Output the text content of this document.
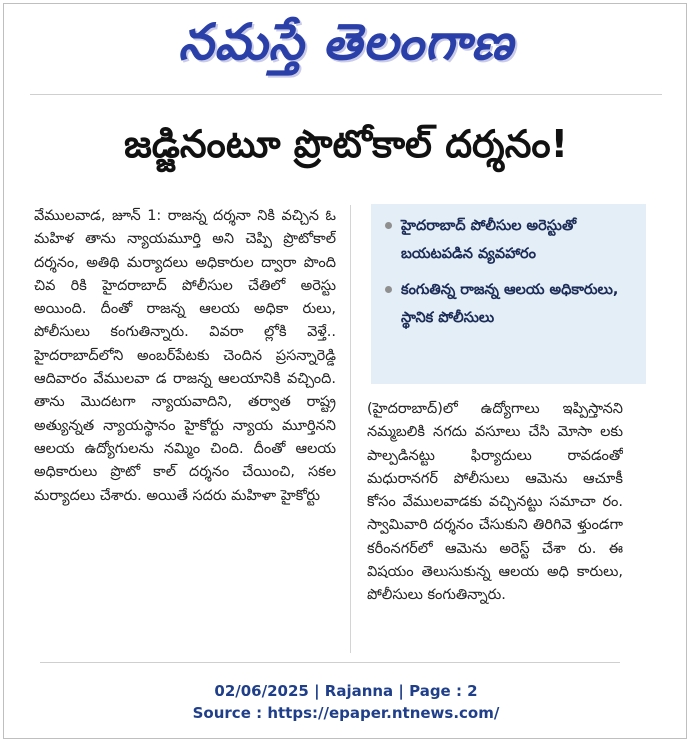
నమస్తే తెలంగాణ
జడ్జినంటూ ప్రొటోకాల్ దర్శనం!
వేములవాడ, జూన్ 1: రాజన్న దర్శనా నికి వచ్చిన ఓ మహిళ తాను న్యాయమూర్తి అని చెప్పి ప్రొటోకాల్ దర్శనం, అతిథి మర్యాదలు అధికారుల ద్వారా పొంది చివ రికి హైదరాబాద్ పోలీసుల చేతిలో అరెస్టు అయింది. దీంతో రాజన్న ఆలయ అధికా రులు, పోలీసులు కంగుతిన్నారు. వివరా ల్లోకి వెళ్తే.. హైదరాబాద్‌లోని అంబర్‌పేటకు చెందిన ప్రసన్నారెడ్డి ఆదివారం వేములవా డ రాజన్న ఆలయానికి వచ్చింది. తాను మొదటగా న్యాయవాదిని, తర్వాత రాష్ట్ర అత్యున్నత న్యాయస్థానం హైకోర్టు న్యాయ మూర్తినని ఆలయ ఉద్యోగులను నమ్మిం చింది. దీంతో ఆలయ అధికారులు ప్రొటో కాల్ దర్శనం చేయించి, సకల మర్యాదలు చేశారు. అయితే సదరు మహిళా హైకోర్టు
హైదరాబాద్ పోలీసుల అరెస్టుతో బయటపడిన వ్యవహారం
కంగుతిన్న రాజన్న ఆలయ అధికారులు, స్థానిక పోలీసులు
(హైదరాబాద్)లో ఉద్యోగాలు ఇప్పిస్తానని నమ్మబలికి నగదు వసూలు చేసి మోసా లకు పాల్పడినట్టు ఫిర్యాదులు రావడంతో మధురానగర్ పోలీసులు ఆమెను ఆచూకీ కోసం వేములవాడకు వచ్చినట్టు సమాచా రం. స్వామివారి దర్శనం చేసుకుని తిరిగివె ళ్తుండగా కరీంనగర్‌లో ఆమెను అరెస్ట్ చేశా రు. ఈ విషయం తెలుసుకున్న ఆలయ అధి కారులు, పోలీసులు కంగుతిన్నారు.
02/06/2025 | Rajanna | Page : 2
Source : https://epaper.ntnews.com/
